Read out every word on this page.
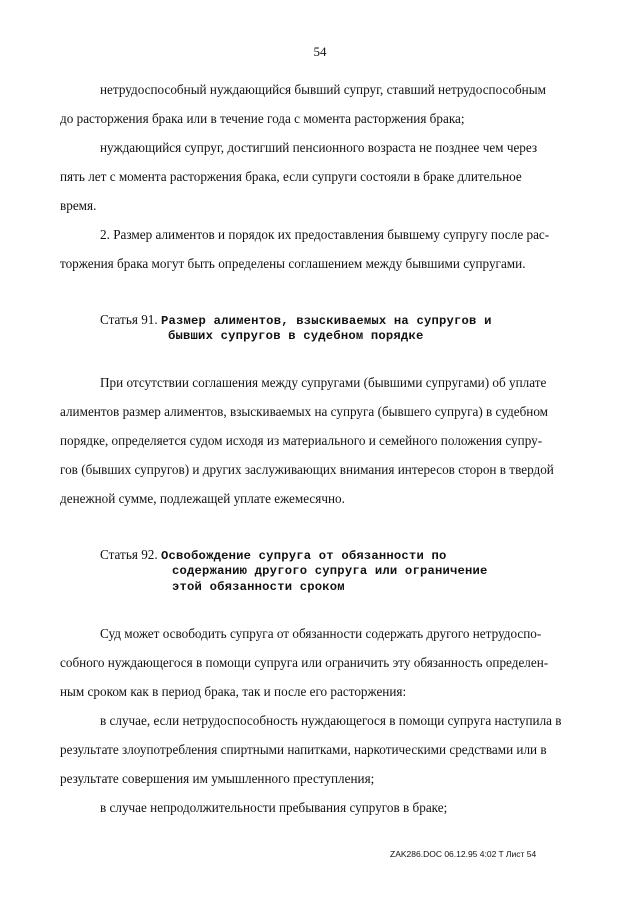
54
нетрудоспособный нуждающийся бывший супруг, ставший нетрудоспособным
до расторжения брака или в течение года с момента расторжения брака;
нуждающийся супруг, достигший пенсионного возраста не позднее чем через
пять лет с момента расторжения брака, если супруги состояли в браке длительное
время.
2. Размер алиментов и порядок их предоставления бывшему супругу после рас-
торжения брака могут быть определены соглашением между бывшими супругами.
Статья 91. Размер алиментов, взыскиваемых на супругов и
бывших супругов в судебном порядке
При отсутствии соглашения между супругами (бывшими супругами) об уплате
алиментов размер алиментов, взыскиваемых на супруга (бывшего супруга) в судебном
порядке, определяется судом исходя из материального и семейного положения супру-
гов (бывших супругов) и других заслуживающих внимания интересов сторон в твердой
денежной сумме, подлежащей уплате ежемесячно.
Статья 92. Освобождение супруга от обязанности по
содержанию другого супруга или ограничение
этой обязанности сроком
Суд может освободить супруга от обязанности содержать другого нетрудоспо-
собного нуждающегося в помощи супруга или ограничить эту обязанность определен-
ным сроком как в период брака, так и после его расторжения:
в случае, если нетрудоспособность нуждающегося в помощи супруга наступила в
результате злоупотребления спиртными напитками, наркотическими средствами или в
результате совершения им умышленного преступления;
в случае непродолжительности пребывания супругов в браке;
ZAK286.DOC 06.12.95 4:02 T Лист 54
